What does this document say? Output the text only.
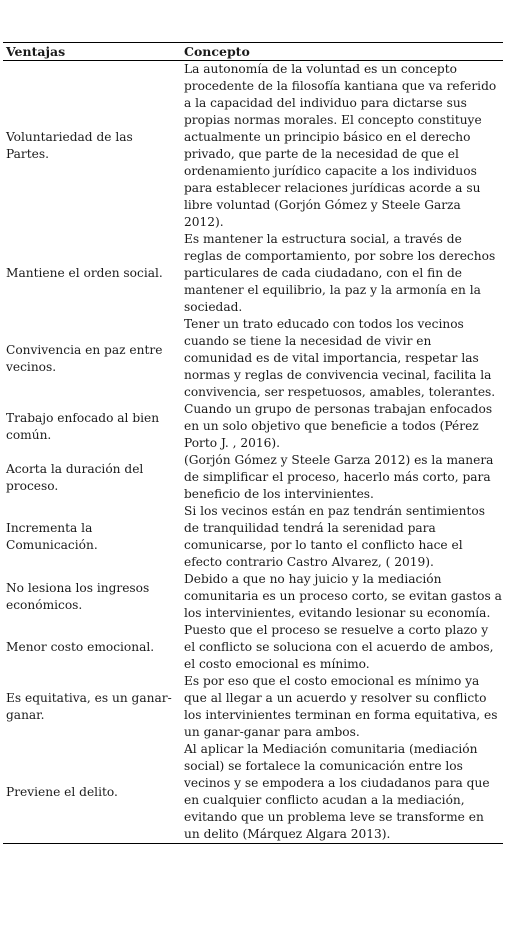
Ventajas	Concepto
Voluntariedad de las Partes.	La autonomía de la voluntad es un concepto procedente de la filosofía kantiana que va referido a la capacidad del individuo para dictarse sus propias normas morales. El concepto constituye actualmente un principio básico en el derecho privado, que parte de la necesidad de que el ordenamiento jurídico capacite a los individuos para establecer relaciones jurídicas acorde a su libre voluntad (Gorjón Gómez y Steele Garza 2012).
Mantiene el orden social.	Es mantener la estructura social, a través de reglas de comportamiento, por sobre los derechos particulares de cada ciudadano, con el fin de mantener el equilibrio, la paz y la armonía en la sociedad.
Convivencia en paz entre vecinos.	Tener un trato educado con todos los vecinos cuando se tiene la necesidad de vivir en comunidad es de vital importancia, respetar las normas y reglas de convivencia vecinal, facilita la convivencia, ser respetuosos, amables, tolerantes.
Trabajo enfocado al bien común.	Cuando un grupo de personas trabajan enfocados en un solo objetivo que beneficie a todos (Pérez Porto J. , 2016).
Acorta la duración del proceso.	(Gorjón Gómez y Steele Garza 2012) es la manera de simplificar el proceso, hacerlo más corto, para beneficio de los intervinientes.
Incrementa la Comunicación.	Si los vecinos están en paz tendrán sentimientos de tranquilidad tendrá la serenidad para comunicarse, por lo tanto el conflicto hace el efecto contrario Castro Alvarez, ( 2019).
No lesiona los ingresos económicos.	Debido a que no hay juicio y la mediación comunitaria es un proceso corto, se evitan gastos a los intervinientes, evitando lesionar su economía.
Menor costo emocional.	Puesto que el proceso se resuelve a corto plazo y el conflicto se soluciona con el acuerdo de ambos, el costo emocional es mínimo.
Es equitativa, es un ganar-ganar.	Es por eso que el costo emocional es mínimo ya que al llegar a un acuerdo y resolver su conflicto los intervinientes terminan en forma equitativa, es un ganar-ganar para ambos.
Previene el delito.	Al aplicar la Mediación comunitaria (mediación social) se fortalece la comunicación entre los vecinos y se empodera a los ciudadanos para que en cualquier conflicto acudan a la mediación, evitando que un problema leve se transforme en un delito (Márquez Algara 2013).
